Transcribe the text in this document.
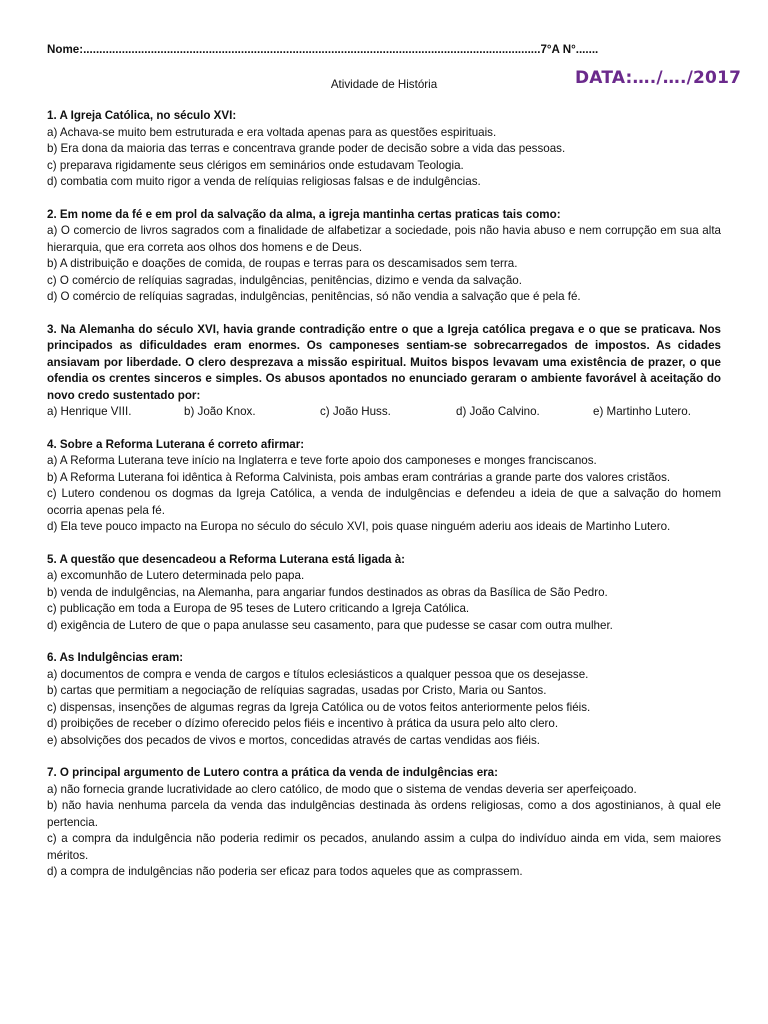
Nome:..............................................................................................................................................7°A N°.......
Atividade de História	DATA:…./…./2017
1. A Igreja Católica, no século XVI:
a) Achava-se muito bem estruturada e era voltada apenas para as questões espirituais.
b) Era dona da maioria das terras e concentrava grande poder de decisão sobre a vida das pessoas.
c) preparava rigidamente seus clérigos em seminários onde estudavam Teologia.
d) combatia com muito rigor a venda de relíquias religiosas falsas e de indulgências.
2. Em nome da fé e em prol da salvação da alma, a igreja mantinha certas praticas tais como:
a) O comercio de livros sagrados com a finalidade de alfabetizar a sociedade, pois não havia abuso e nem corrupção em sua alta hierarquia, que era correta aos olhos dos homens e de Deus.
b) A distribuição e doações de comida, de roupas e terras para os descamisados sem terra.
c) O comércio de relíquias sagradas, indulgências, penitências, dizimo e venda da salvação.
d) O comércio de relíquias sagradas, indulgências, penitências, só não vendia a salvação que é pela fé.
3. Na Alemanha do século XVI, havia grande contradição entre o que a Igreja católica pregava e o que se praticava. Nos principados as dificuldades eram enormes. Os camponeses sentiam-se sobrecarregados de impostos. As cidades ansiavam por liberdade. O clero desprezava a missão espiritual. Muitos bispos levavam uma existência de prazer, o que ofendia os crentes sinceros e simples. Os abusos apontados no enunciado geraram o ambiente favorável à aceitação do novo credo sustentado por:
a) Henrique VIII.	b) João Knox.	c) João Huss.	d) João Calvino.	e) Martinho Lutero.
4. Sobre a Reforma Luterana é correto afirmar:
a) A Reforma Luterana teve início na Inglaterra e teve forte apoio dos camponeses e monges franciscanos.
b) A Reforma Luterana foi idêntica à Reforma Calvinista, pois ambas eram contrárias a grande parte dos valores cristãos.
c) Lutero condenou os dogmas da Igreja Católica, a venda de indulgências e defendeu a ideia de que a salvação do homem ocorria apenas pela fé.
d) Ela teve pouco impacto na Europa no século do século XVI, pois quase ninguém aderiu aos ideais de Martinho Lutero.
5. A questão que desencadeou a Reforma Luterana está ligada à:
a) excomunhão de Lutero determinada pelo papa.
b) venda de indulgências, na Alemanha, para angariar fundos destinados as obras da Basílica de São Pedro.
c) publicação em toda a Europa de 95 teses de Lutero criticando a Igreja Católica.
d) exigência de Lutero de que o papa anulasse seu casamento, para que pudesse se casar com outra mulher.
6. As Indulgências eram:
a) documentos de compra e venda de cargos e títulos eclesiásticos a qualquer pessoa que os desejasse.
b) cartas que permitiam a negociação de relíquias sagradas, usadas por Cristo, Maria ou Santos.
c) dispensas, insenções de algumas regras da Igreja Católica ou de votos feitos anteriormente pelos fiéis.
d) proibições de receber o dízimo oferecido pelos fiéis e incentivo à prática da usura pelo alto clero.
e) absolvições dos pecados de vivos e mortos, concedidas através de cartas vendidas aos fiéis.
7. O principal argumento de Lutero contra a prática da venda de indulgências era:
a) não fornecia grande lucratividade ao clero católico, de modo que o sistema de vendas deveria ser aperfeiçoado.
b) não havia nenhuma parcela da venda das indulgências destinada às ordens religiosas, como a dos agostinianos, à qual ele pertencia.
c) a compra da indulgência não poderia redimir os pecados, anulando assim a culpa do indivíduo ainda em vida, sem maiores méritos.
d) a compra de indulgências não poderia ser eficaz para todos aqueles que as comprassem.
